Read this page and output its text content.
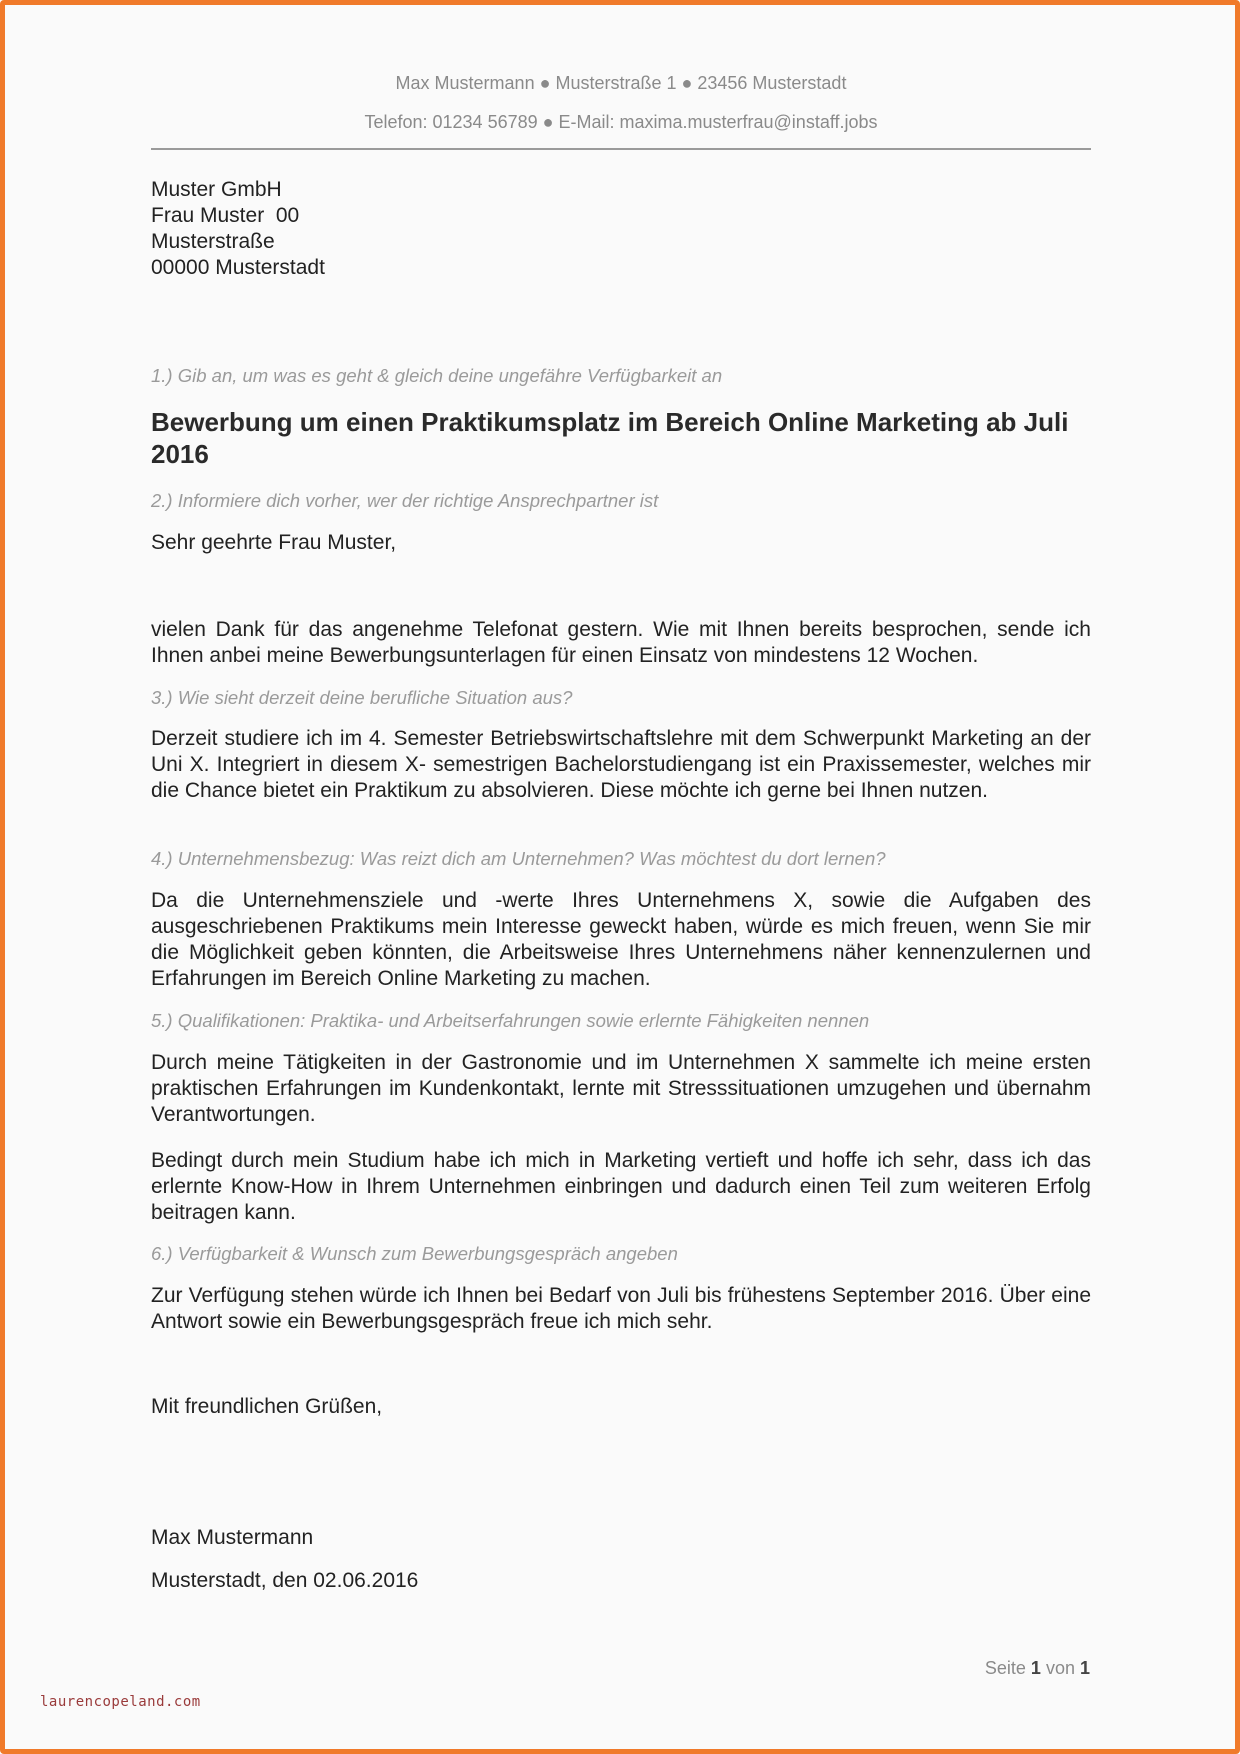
Max Mustermann ● Musterstraße 1 ● 23456 Musterstadt
Telefon: 01234 56789 ● E-Mail: maxima.musterfrau@instaff.jobs
Muster GmbH
Frau Muster  00
Musterstraße
00000 Musterstadt
1.) Gib an, um was es geht & gleich deine ungefähre Verfügbarkeit an
Bewerbung um einen Praktikumsplatz im Bereich Online Marketing ab Juli 2016
2.) Informiere dich vorher, wer der richtige Ansprechpartner ist
Sehr geehrte Frau Muster,
vielen Dank für das angenehme Telefonat gestern. Wie mit Ihnen bereits besprochen, sende ich Ihnen anbei meine Bewerbungsunterlagen für einen Einsatz von mindestens 12 Wochen.
3.) Wie sieht derzeit deine berufliche Situation aus?
Derzeit studiere ich im 4. Semester Betriebswirtschaftslehre mit dem Schwerpunkt Marketing an der Uni X. Integriert in diesem X- semestrigen Bachelorstudiengang ist ein Praxissemester, welches mir die Chance bietet ein Praktikum zu absolvieren. Diese möchte ich gerne bei Ihnen nutzen.
4.) Unternehmensbezug: Was reizt dich am Unternehmen? Was möchtest du dort lernen?
Da die Unternehmensziele und -werte Ihres Unternehmens X, sowie die Aufgaben des ausgeschriebenen Praktikums mein Interesse geweckt haben, würde es mich freuen, wenn Sie mir die Möglichkeit geben könnten, die Arbeitsweise Ihres Unternehmens näher kennenzulernen und Erfahrungen im Bereich Online Marketing zu machen.
5.) Qualifikationen: Praktika- und Arbeitserfahrungen sowie erlernte Fähigkeiten nennen
Durch meine Tätigkeiten in der Gastronomie und im Unternehmen X sammelte ich meine ersten praktischen Erfahrungen im Kundenkontakt, lernte mit Stresssituationen umzugehen und übernahm Verantwortungen.
Bedingt durch mein Studium habe ich mich in Marketing vertieft und hoffe ich sehr, dass ich das erlernte Know-How in Ihrem Unternehmen einbringen und dadurch einen Teil zum weiteren Erfolg beitragen kann.
6.) Verfügbarkeit & Wunsch zum Bewerbungsgespräch angeben
Zur Verfügung stehen würde ich Ihnen bei Bedarf von Juli bis frühestens September 2016. Über eine Antwort sowie ein Bewerbungsgespräch freue ich mich sehr.
Mit freundlichen Grüßen,
Max Mustermann
Musterstadt, den 02.06.2016
Seite 1 von 1
laurencopeland.com
